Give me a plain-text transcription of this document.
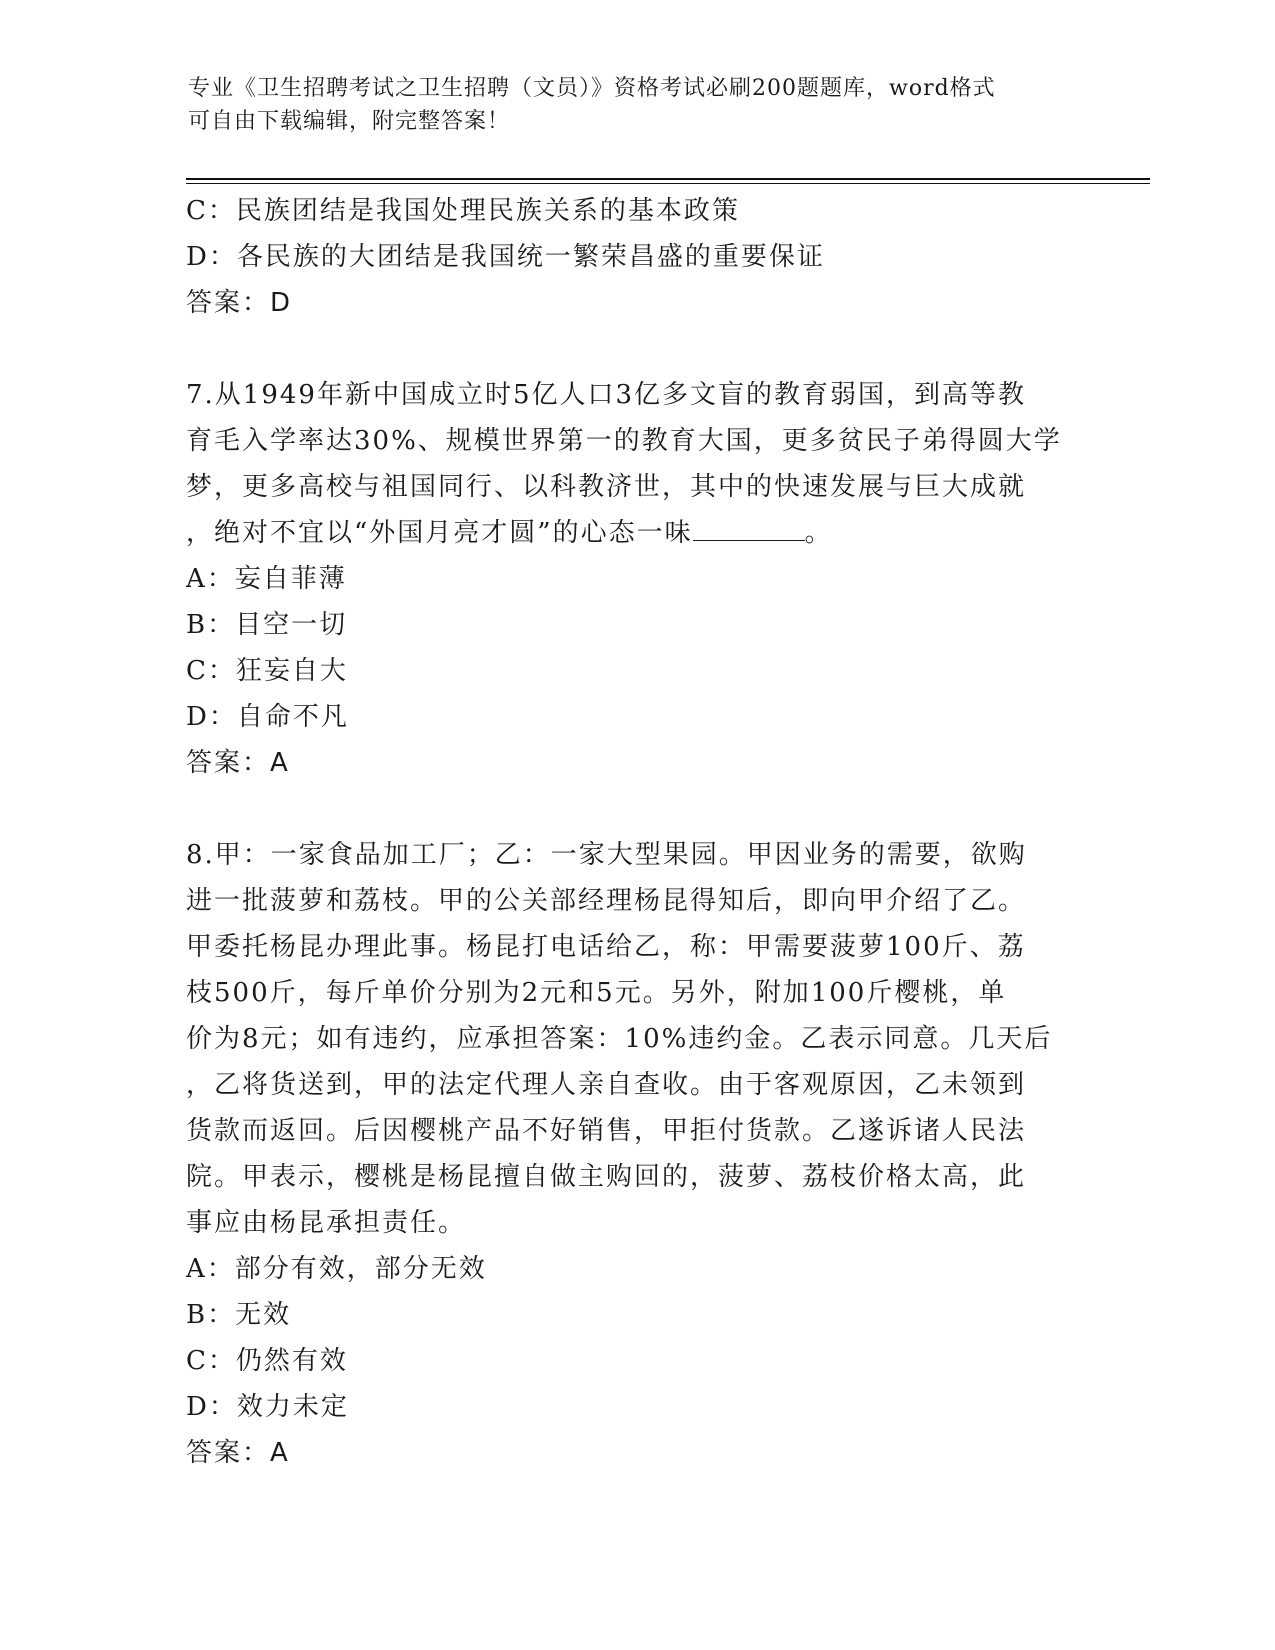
专业《卫生招聘考试之卫生招聘（文员）》资格考试必刷200题题库，word格式
可自由下载编辑，附完整答案！
C：民族团结是我国处理民族关系的基本政策
D：各民族的大团结是我国统一繁荣昌盛的重要保证
答案：D
7.从1949年新中国成立时5亿人口3亿多文盲的教育弱国，到高等教
育毛入学率达30%、规模世界第一的教育大国，更多贫民子弟得圆大学
梦，更多高校与祖国同行、以科教济世，其中的快速发展与巨大成就
，绝对不宜以“外国月亮才圆”的心态一味	。
A：妄自菲薄
B：目空一切
C：狂妄自大
D：自命不凡
答案：A
8.甲：一家食品加工厂；乙：一家大型果园。甲因业务的需要，欲购
进一批菠萝和荔枝。甲的公关部经理杨昆得知后，即向甲介绍了乙。
甲委托杨昆办理此事。杨昆打电话给乙，称：甲需要菠萝100斤、荔
枝500斤，每斤单价分别为2元和5元。另外，附加100斤樱桃，单
价为8元；如有违约，应承担答案：10%违约金。乙表示同意。几天后
，乙将货送到，甲的法定代理人亲自查收。由于客观原因，乙未领到
货款而返回。后因樱桃产品不好销售，甲拒付货款。乙遂诉诸人民法
院。甲表示，樱桃是杨昆擅自做主购回的，菠萝、荔枝价格太高，此
事应由杨昆承担责任。
A：部分有效，部分无效
B：无效
C：仍然有效
D：效力未定
答案：A
